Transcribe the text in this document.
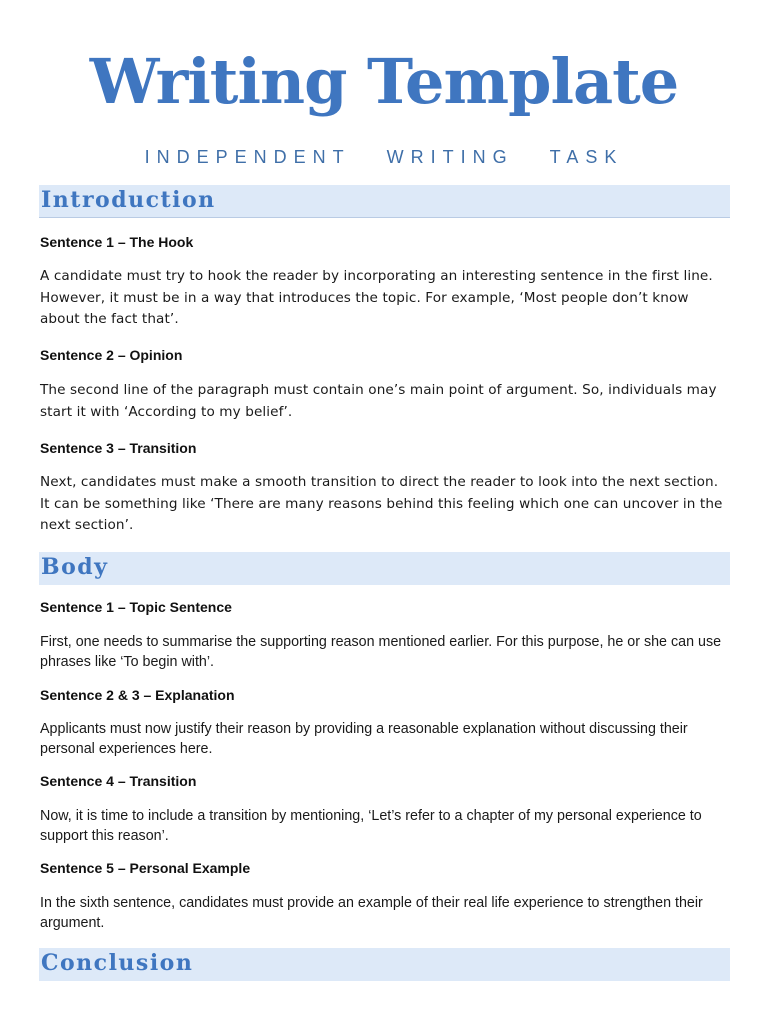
Writing Template
INDEPENDENT WRITING TASK
Introduction
Sentence 1 – The Hook

A candidate must try to hook the reader by incorporating an interesting sentence in the first line. However, it must be in a way that introduces the topic. For example, ‘Most people don’t know about the fact that’.

Sentence 2 – Opinion

The second line of the paragraph must contain one’s main point of argument. So, individuals may start it with ‘According to my belief’.

Sentence 3 – Transition

Next, candidates must make a smooth transition to direct the reader to look into the next section. It can be something like ‘There are many reasons behind this feeling which one can uncover in the next section’.

Body
Sentence 1 – Topic Sentence

First, one needs to summarise the supporting reason mentioned earlier. For this purpose, he or she can use phrases like ‘To begin with’.

Sentence 2 & 3 – Explanation

Applicants must now justify their reason by providing a reasonable explanation without discussing their personal experiences here.

Sentence 4 – Transition

Now, it is time to include a transition by mentioning, ‘Let’s refer to a chapter of my personal experience to support this reason’.

Sentence 5 – Personal Example

In the sixth sentence, candidates must provide an example of their real life experience to strengthen their argument.

Conclusion
